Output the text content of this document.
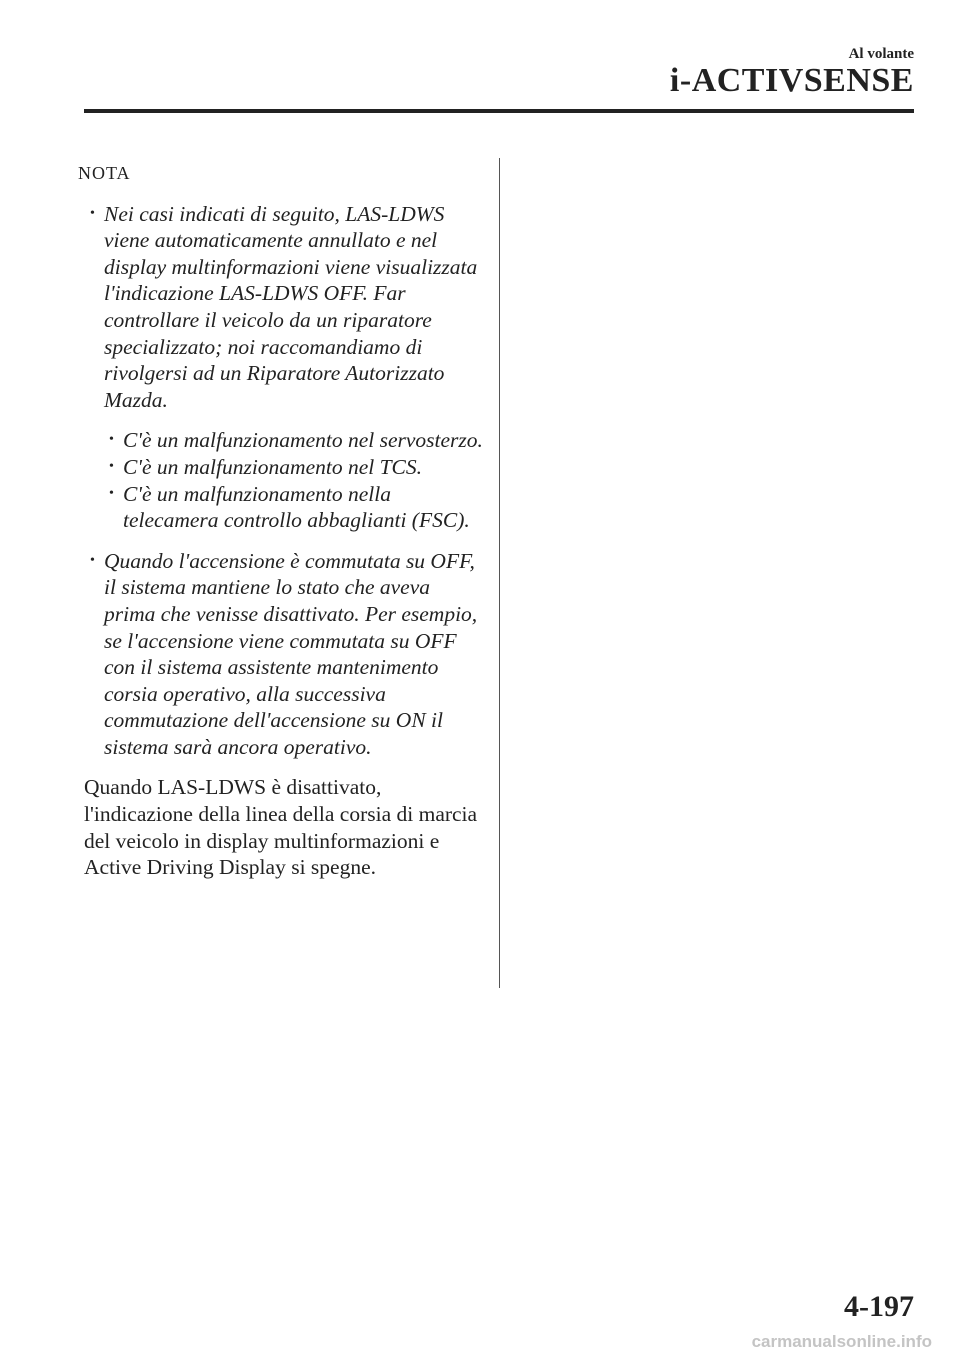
Al volante
i-ACTIVSENSE
NOTA
• Nei casi indicati di seguito, LAS-LDWS viene automaticamente annullato e nel display multinformazioni viene visualizzata l'indicazione LAS-LDWS OFF. Far controllare il veicolo da un riparatore specializzato; noi raccomandiamo di rivolgersi ad un Riparatore Autorizzato Mazda.
• C'è un malfunzionamento nel servosterzo.
• C'è un malfunzionamento nel TCS.
• C'è un malfunzionamento nella telecamera controllo abbaglianti (FSC).
• Quando l'accensione è commutata su OFF, il sistema mantiene lo stato che aveva prima che venisse disattivato. Per esempio, se l'accensione viene commutata su OFF con il sistema assistente mantenimento corsia operativo, alla successiva commutazione dell'accensione su ON il sistema sarà ancora operativo.
Quando LAS-LDWS è disattivato, l'indicazione della linea della corsia di marcia del veicolo in display multinformazioni e Active Driving Display si spegne.
4-197
carmanualsonline.info
